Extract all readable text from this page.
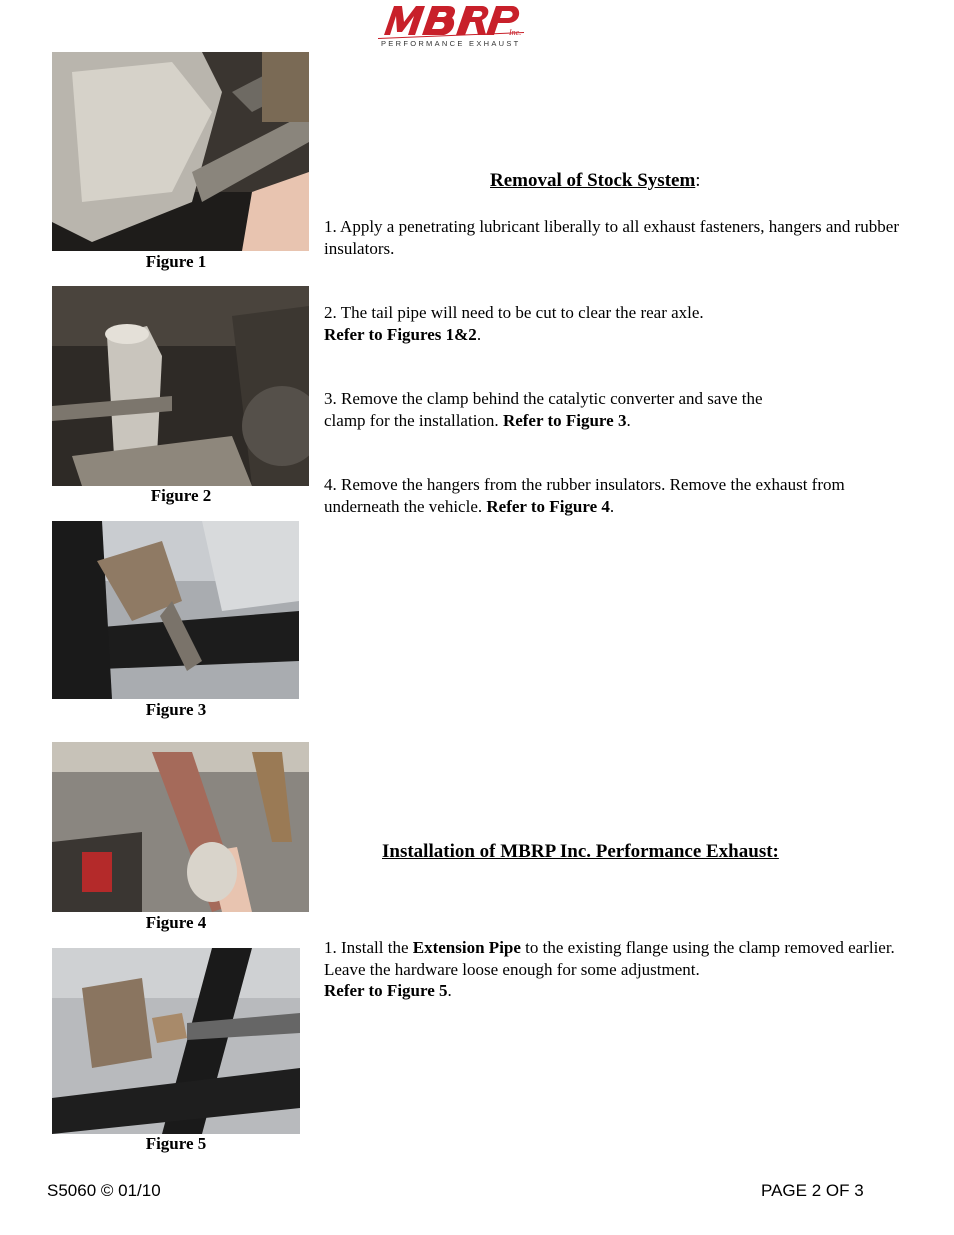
Inc.
PERFORMANCE EXHAUST
Figure 1
Figure 2
Figure 3
Figure 4
Figure 5
Removal of Stock System:
1. Apply a penetrating lubricant liberally to all exhaust fasteners, hangers and rubber insulators.
2. The tail pipe will need to be cut to clear the rear axle.
Refer to Figures 1&2.
3. Remove the clamp behind the catalytic converter and save the
clamp for the installation. Refer to Figure 3.
4. Remove the hangers from the rubber insulators. Remove the exhaust from underneath the vehicle. Refer to Figure 4.
Installation of MBRP Inc. Performance Exhaust:
1. Install the Extension Pipe to the existing flange using the clamp removed earlier. Leave the hardware loose enough for some adjustment.
Refer to Figure 5.
S5060 © 01/10	PAGE 2 OF 3
